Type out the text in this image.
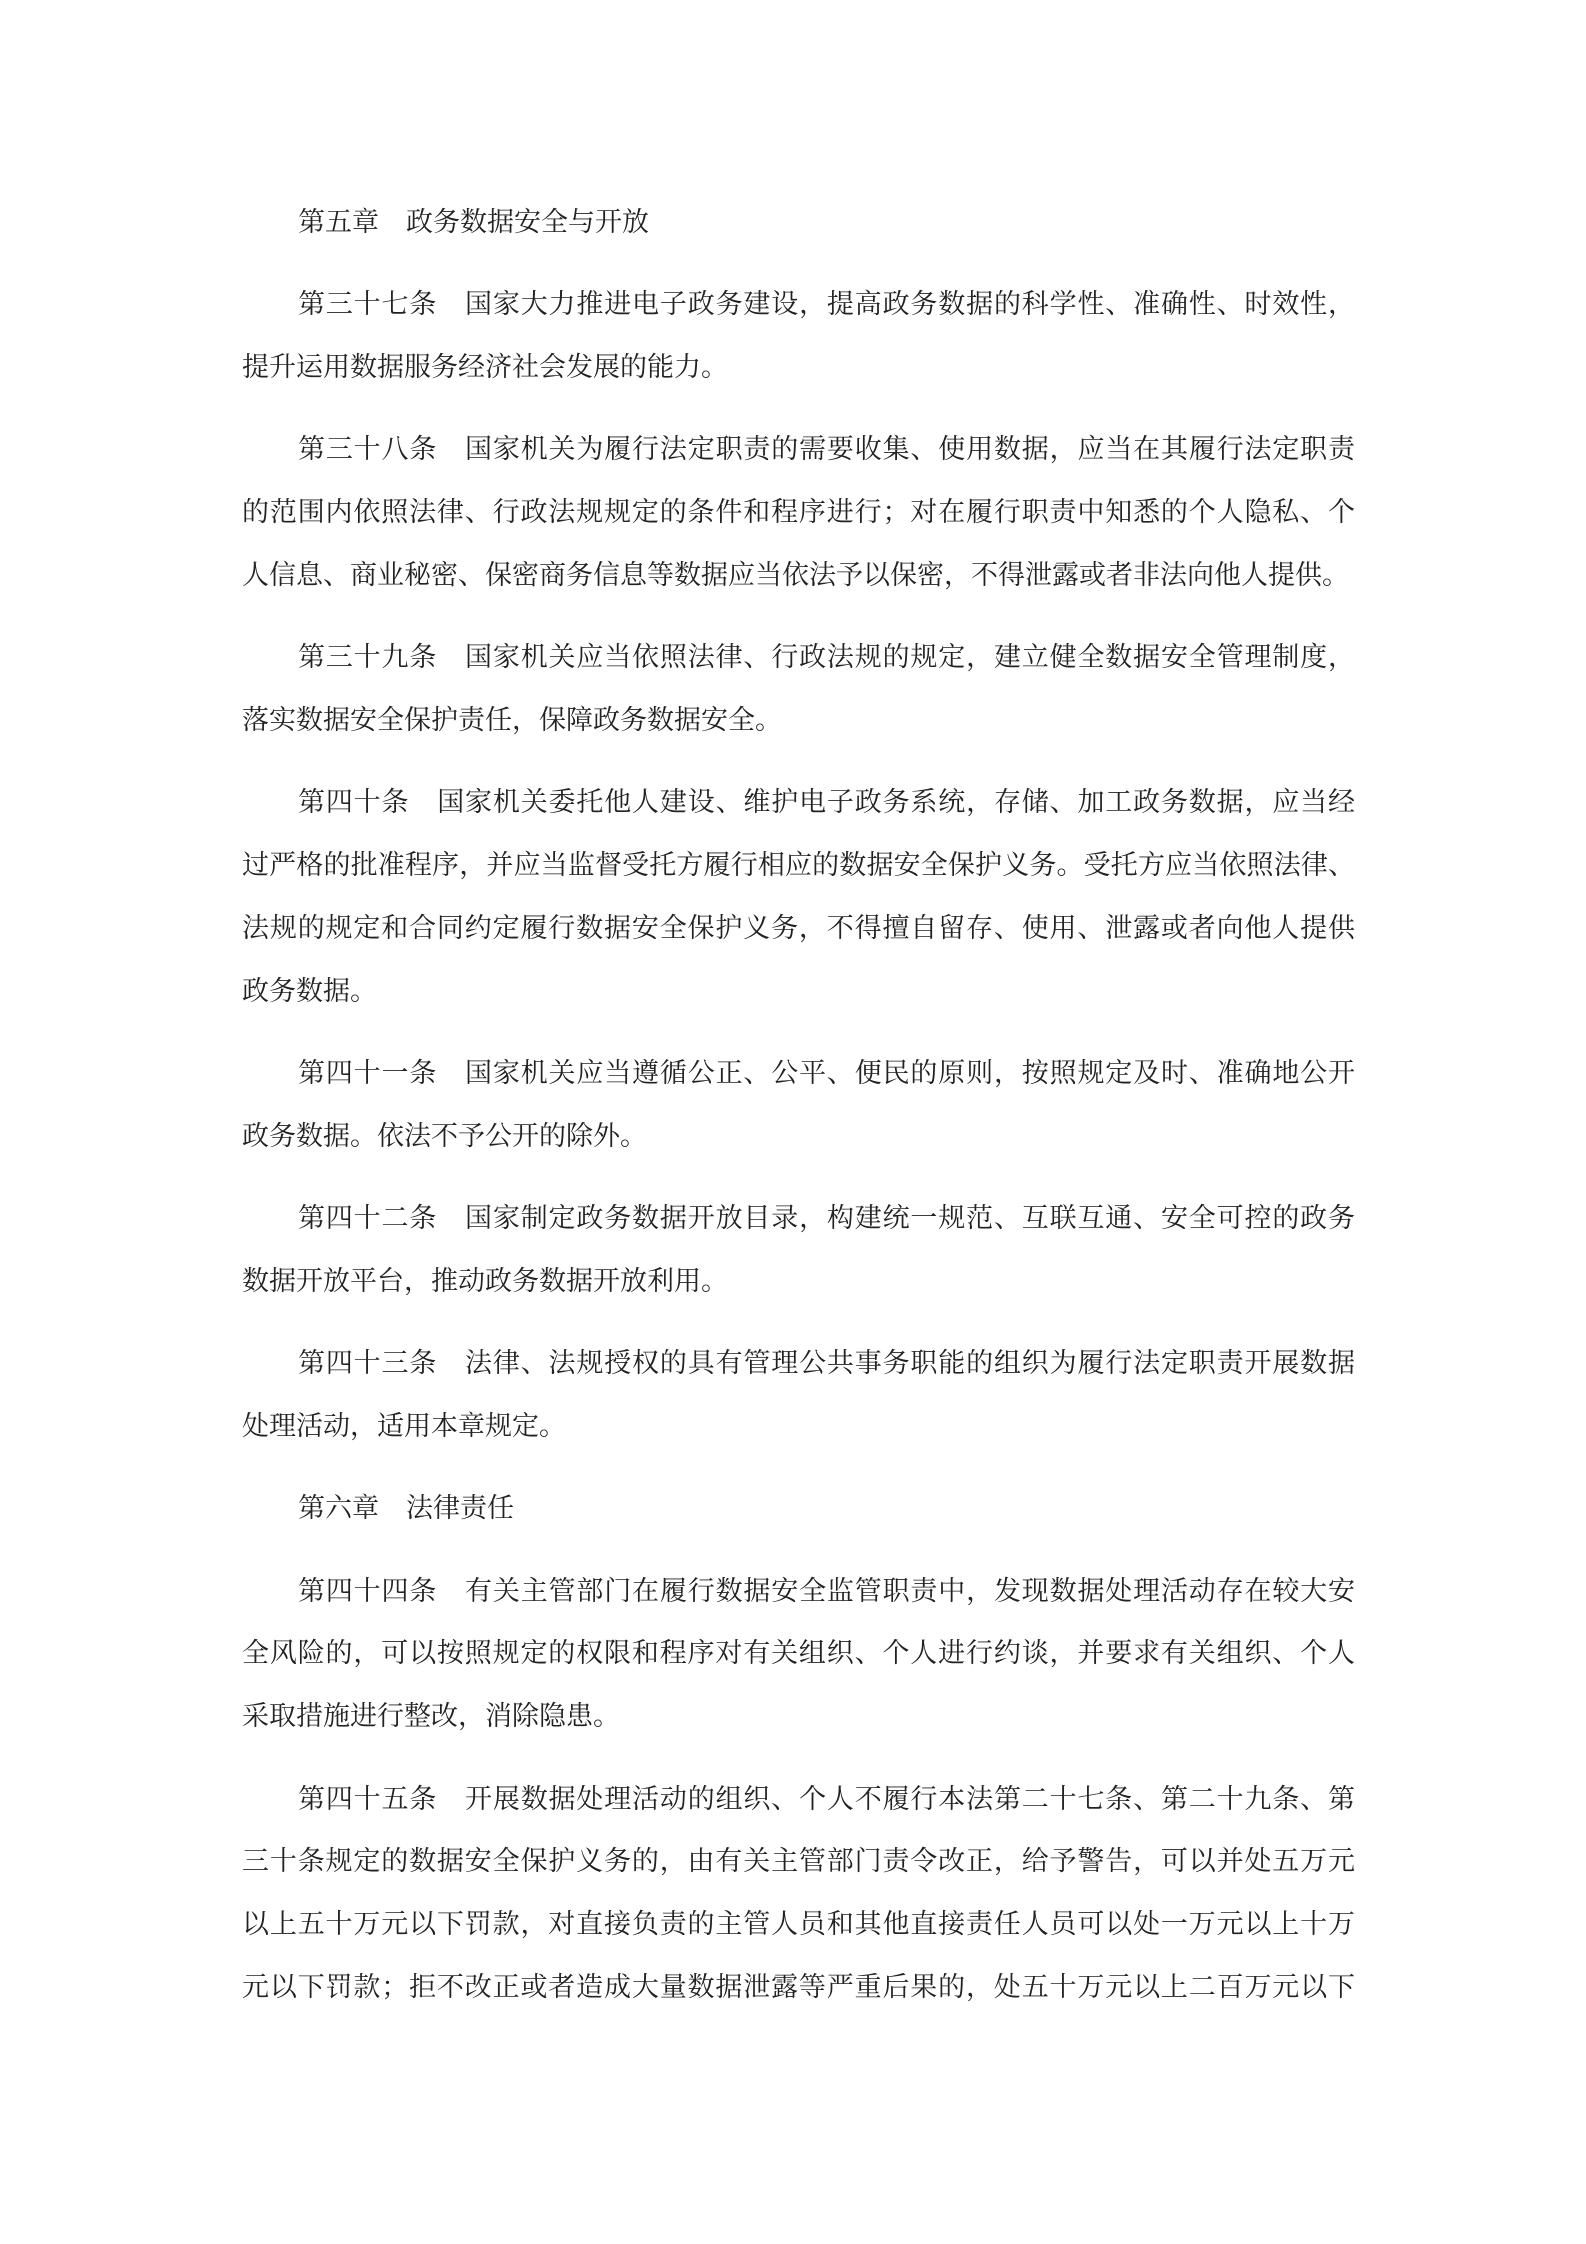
第五章　政务数据安全与开放
第三十七条　国家大力推进电子政务建设，提高政务数据的科学性、准确性、时效性，
提升运用数据服务经济社会发展的能力。
第三十八条　国家机关为履行法定职责的需要收集、使用数据，应当在其履行法定职责
的范围内依照法律、行政法规规定的条件和程序进行；对在履行职责中知悉的个人隐私、个
人信息、商业秘密、保密商务信息等数据应当依法予以保密，不得泄露或者非法向他人提供。
第三十九条　国家机关应当依照法律、行政法规的规定，建立健全数据安全管理制度，
落实数据安全保护责任，保障政务数据安全。
第四十条　国家机关委托他人建设、维护电子政务系统，存储、加工政务数据，应当经
过严格的批准程序，并应当监督受托方履行相应的数据安全保护义务。受托方应当依照法律、
法规的规定和合同约定履行数据安全保护义务，不得擅自留存、使用、泄露或者向他人提供
政务数据。
第四十一条　国家机关应当遵循公正、公平、便民的原则，按照规定及时、准确地公开
政务数据。依法不予公开的除外。
第四十二条　国家制定政务数据开放目录，构建统一规范、互联互通、安全可控的政务
数据开放平台，推动政务数据开放利用。
第四十三条　法律、法规授权的具有管理公共事务职能的组织为履行法定职责开展数据
处理活动，适用本章规定。
第六章　法律责任
第四十四条　有关主管部门在履行数据安全监管职责中，发现数据处理活动存在较大安
全风险的，可以按照规定的权限和程序对有关组织、个人进行约谈，并要求有关组织、个人
采取措施进行整改，消除隐患。
第四十五条　开展数据处理活动的组织、个人不履行本法第二十七条、第二十九条、第
三十条规定的数据安全保护义务的，由有关主管部门责令改正，给予警告，可以并处五万元
以上五十万元以下罚款，对直接负责的主管人员和其他直接责任人员可以处一万元以上十万
元以下罚款；拒不改正或者造成大量数据泄露等严重后果的，处五十万元以上二百万元以下
